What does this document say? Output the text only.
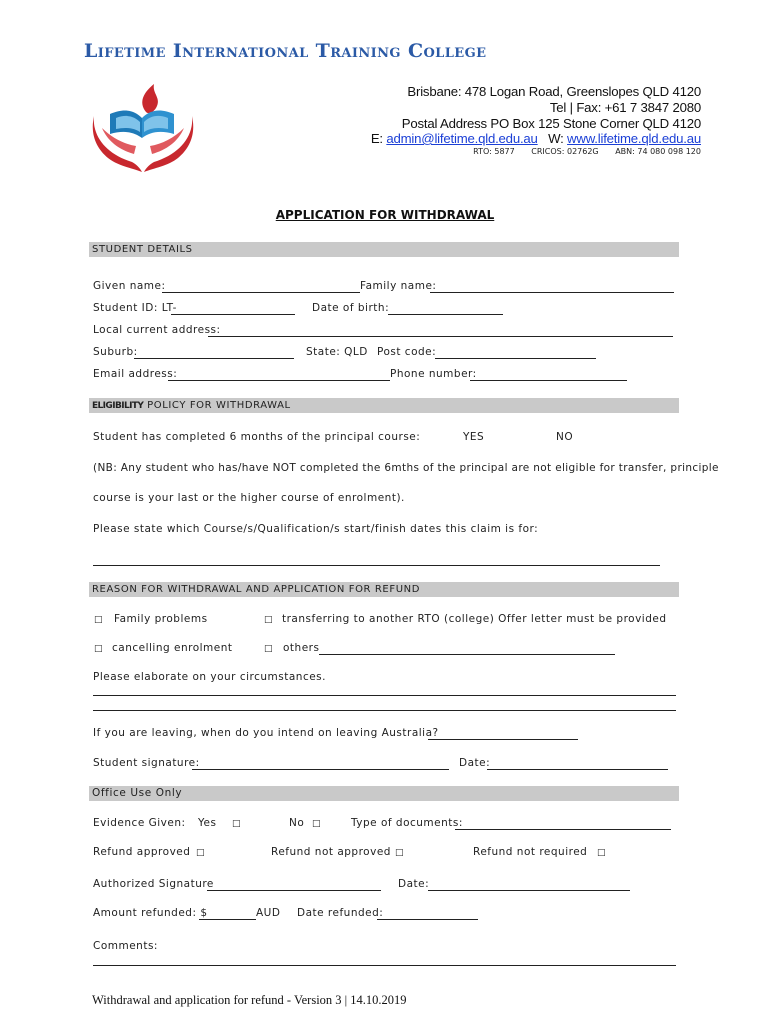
Lifetime International Training College
Brisbane: 478 Logan Road, Greenslopes QLD 4120
Tel | Fax: +61 7 3847 2080
Postal Address PO Box 125 Stone Corner QLD 4120
E: admin@lifetime.qld.edu.au W: www.lifetime.qld.edu.au
RTO: 5877 CRICOS: 02762G ABN: 74 080 098 120
APPLICATION FOR WITHDRAWAL
STUDENT DETAILS
Given name:	Family name:
Student ID: LT-	Date of birth:
Local current address:
Suburb:	State: QLD Post code:
Email address:	Phone number:
ELIGIBILITY POLICY FOR WITHDRAWAL
Student has completed 6 months of the principal course:	YES	NO
(NB: Any student who has/have NOT completed the 6mths of the principal are not eligible for transfer, principle
course is your last or the higher course of enrolment).
Please state which Course/s/Qualification/s start/finish dates this claim is for:
REASON FOR WITHDRAWAL AND APPLICATION FOR REFUND
□ Family problems	□ transferring to another RTO (college) Offer letter must be provided
□ cancelling enrolment	□ others
Please elaborate on your circumstances.
If you are leaving, when do you intend on leaving Australia?
Student signature:	Date:
Office Use Only
Evidence Given: Yes □	No □	Type of documents:
Refund approved □	Refund not approved □	Refund not required □
Authorized Signature	Date:
Amount refunded: $	AUD Date refunded:
Comments:
Withdrawal and application for refund - Version 3 | 14.10.2019
